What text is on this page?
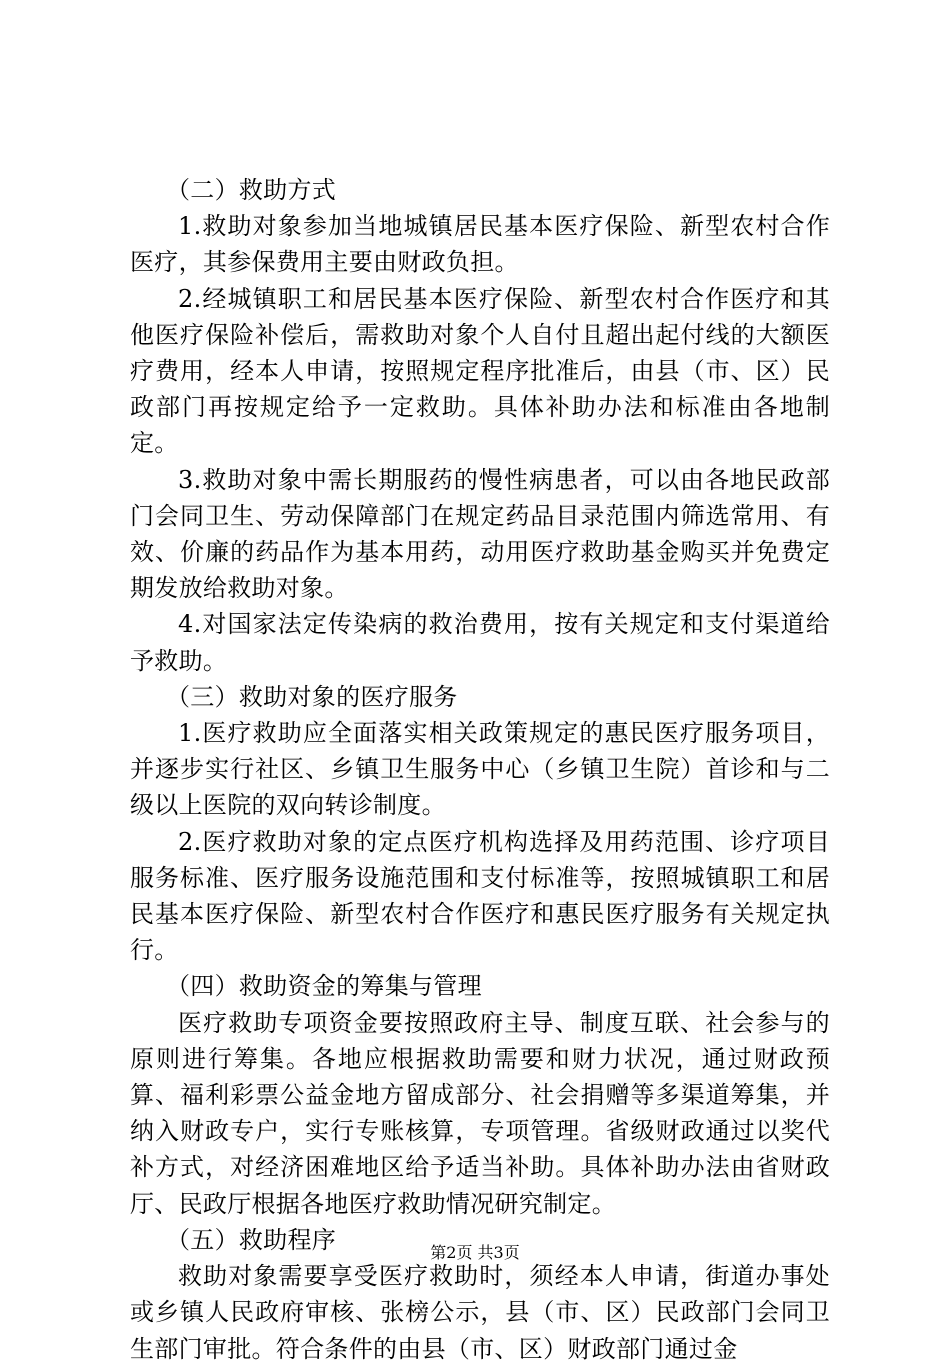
（二）救助方式

1.救助对象参加当地城镇居民基本医疗保险、新型农村合作医疗，其参保费用主要由财政负担。

2.经城镇职工和居民基本医疗保险、新型农村合作医疗和其他医疗保险补偿后，需救助对象个人自付且超出起付线的大额医疗费用，经本人申请，按照规定程序批准后，由县（市、区）民政部门再按规定给予一定救助。具体补助办法和标准由各地制定。

3.救助对象中需长期服药的慢性病患者，可以由各地民政部门会同卫生、劳动保障部门在规定药品目录范围内筛选常用、有效、价廉的药品作为基本用药，动用医疗救助基金购买并免费定期发放给救助对象。

4.对国家法定传染病的救治费用，按有关规定和支付渠道给予救助。

（三）救助对象的医疗服务

1.医疗救助应全面落实相关政策规定的惠民医疗服务项目，并逐步实行社区、乡镇卫生服务中心（乡镇卫生院）首诊和与二级以上医院的双向转诊制度。

2.医疗救助对象的定点医疗机构选择及用药范围、诊疗项目服务标准、医疗服务设施范围和支付标准等，按照城镇职工和居民基本医疗保险、新型农村合作医疗和惠民医疗服务有关规定执行。

（四）救助资金的筹集与管理

医疗救助专项资金要按照政府主导、制度互联、社会参与的原则进行筹集。各地应根据救助需要和财力状况，通过财政预算、福利彩票公益金地方留成部分、社会捐赠等多渠道筹集，并纳入财政专户，实行专账核算，专项管理。省级财政通过以奖代补方式，对经济困难地区给予适当补助。具体补助办法由省财政厅、民政厅根据各地医疗救助情况研究制定。

（五）救助程序

救助对象需要享受医疗救助时，须经本人申请，街道办事处或乡镇人民政府审核、张榜公示，县（市、区）民政部门会同卫生部门审批。符合条件的由县（市、区）财政部门通过金

第2页 共3页
